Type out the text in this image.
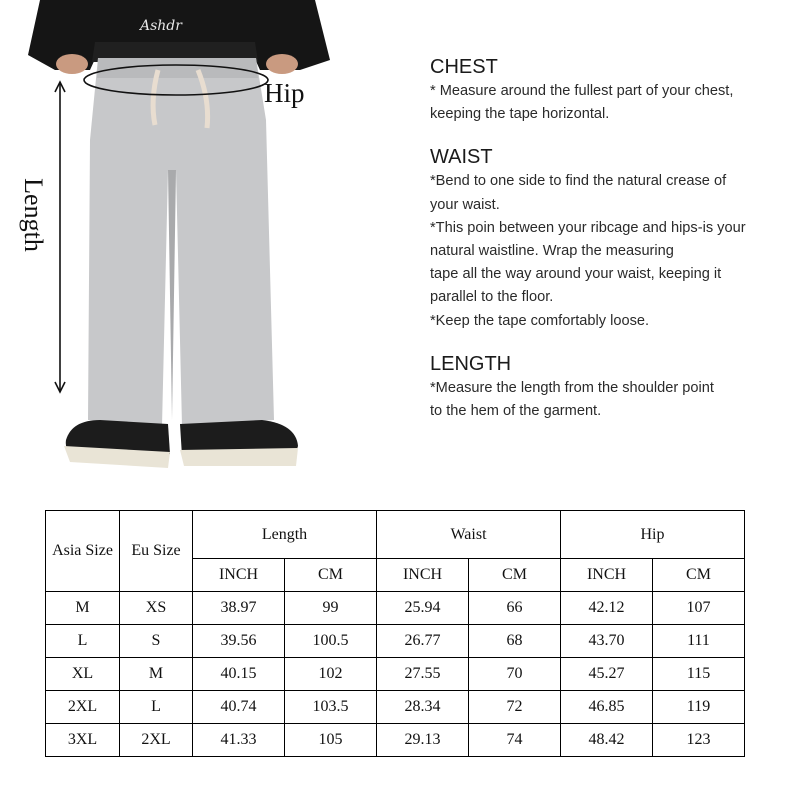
Ashdr
Hip
Length
CHEST
* Measure around the fullest part of your chest,
keeping the tape horizontal.
WAIST
*Bend to one side to find the natural crease of
your waist.
*This poin between your ribcage and hips-is your
natural waistline. Wrap the measuring
tape all the way around your waist, keeping it
parallel to the floor.
*Keep the tape comfortably loose.
LENGTH
*Measure the length from the shoulder point
to the hem of the garment.
Asia Size	Eu Size	Length		Waist		Hip	
		INCH	CM	INCH	CM	INCH	CM
M	XS	38.97	99	25.94	66	42.12	107
L	S	39.56	100.5	26.77	68	43.70	111
XL	M	40.15	102	27.55	70	45.27	115
2XL	L	40.74	103.5	28.34	72	46.85	119
3XL	2XL	41.33	105	29.13	74	48.42	123
